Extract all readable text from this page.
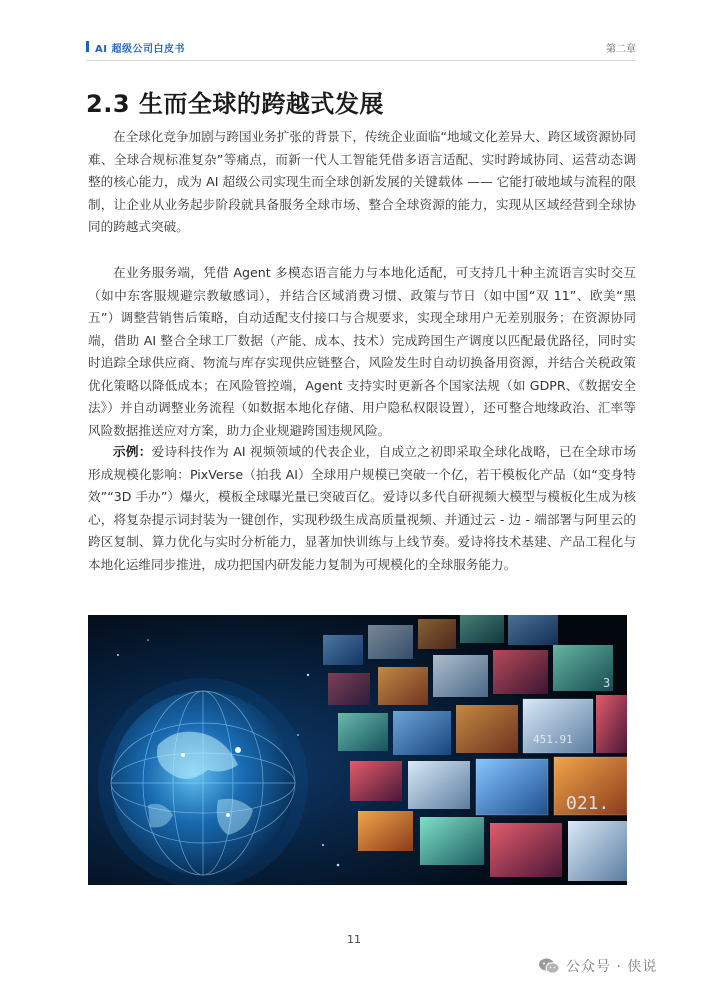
AI 超级公司白皮书	第二章
2.3 生而全球的跨越式发展

在全球化竞争加剧与跨国业务扩张的背景下，传统企业面临“地域文化差异大、跨区域资源协同难、全球合规标准复杂”等痛点，而新一代人工智能凭借多语言适配、实时跨域协同、运营动态调整的核心能力，成为 AI 超级公司实现生而全球创新发展的关键载体 —— 它能打破地域与流程的限制，让企业从业务起步阶段就具备服务全球市场、整合全球资源的能力，实现从区域经营到全球协同的跨越式突破。

在业务服务端，凭借 Agent 多模态语言能力与本地化适配，可支持几十种主流语言实时交互（如中东客服规避宗教敏感词），并结合区域消费习惯、政策与节日（如中国“双 11”、欧美“黑五”）调整营销售后策略，自动适配支付接口与合规要求，实现全球用户无差别服务；在资源协同端，借助 AI 整合全球工厂数据（产能、成本、技术）完成跨国生产调度以匹配最优路径，同时实时追踪全球供应商、物流与库存实现供应链整合，风险发生时自动切换备用资源，并结合关税政策优化策略以降低成本；在风险管控端，Agent 支持实时更新各个国家法规（如 GDPR、《数据安全法》）并自动调整业务流程（如数据本地化存储、用户隐私权限设置），还可整合地缘政治、汇率等风险数据推送应对方案，助力企业规避跨国违规风险。

示例：爱诗科技作为 AI 视频领域的代表企业，自成立之初即采取全球化战略，已在全球市场形成规模化影响：PixVerse（拍我 AI）全球用户规模已突破一个亿，若干模板化产品（如“变身特效”“3D 手办”）爆火，模板全球曝光量已突破百亿。爱诗以多代自研视频大模型与模板化生成为核心，将复杂提示词封装为一键创作，实现秒级生成高质量视频、并通过云 - 边 - 端部署与阿里云的跨区复制、算力优化与实时分析能力，显著加快训练与上线节奏。爱诗将技术基建、产品工程化与本地化运维同步推进，成功把国内研发能力复制为可规模化的全球服务能力。

451.91
021.
3
11
公众号 · 侠说
